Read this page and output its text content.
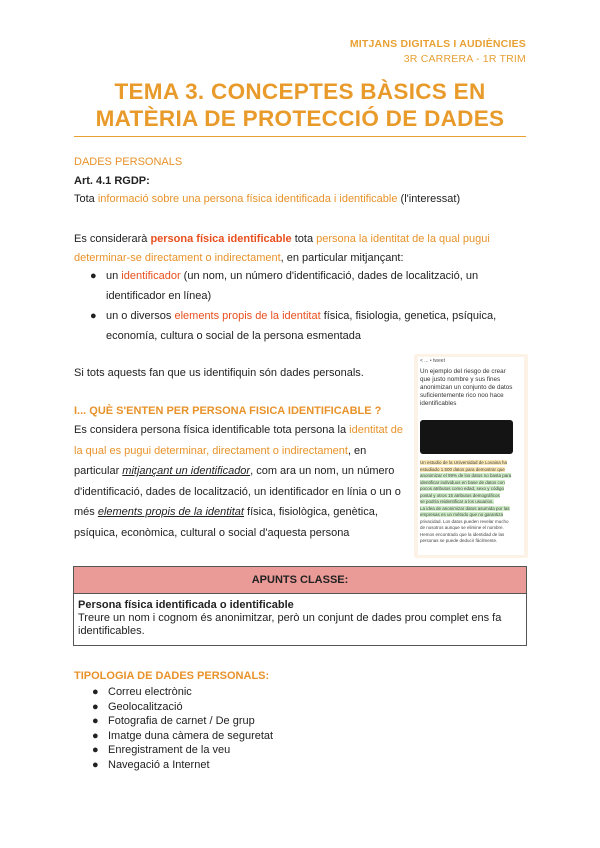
MITJANS DIGITALS I AUDIÈNCIES
3R CARRERA - 1R TRIM
TEMA 3. CONCEPTES BÀSICS EN
MATÈRIA DE PROTECCIÓ DE DADES
DADES PERSONALS
Art. 4.1 RGDP:
Tota informació sobre una persona física identificada i identificable (l'interessat)
Es considerarà persona física identificable tota persona la identitat de la qual pugui
determinar-se directament o indirectament, en particular mitjançant:
● un identificador (un nom, un número d'identificació, dades de localització, un
identificador en línea)
● un o diversos elements propis de la identitat física, fisiologia, genetica, psíquica,
economía, cultura o social de la persona esmentada
Si tots aquests fan que us identifiquin són dades personals.
I... QUÈ S'ENTEN PER PERSONA FISICA IDENTIFICABLE ?
Es considera persona física identificable tota persona la identitat de
la qual es pugui determinar, directament o indirectament, en
particular mitjançant un identificador, com ara un nom, un número
d'identificació, dades de localització, un identificador en línia o un o
més elements propis de la identitat física, fisiològica, genètica,
psíquica, econòmica, cultural o social d'aquesta persona
< ... • tweet
Un ejemplo del riesgo de crear que justo nombre y sus fines anonimizan un conjunto de datos suficientemente rico noo hace identificables
Un estudio de la Universidad de Lovaina ha
estudiado 1.500 datos para demostrar que
anonimizar el 99% de los datos no basta para
identificar individuos en base de datos con
pocos atributos como edad, sexo y código
postal y otros 15 atributos demográficos
se podría reidentificar a los usuarios.
La idea de anonimizar datos asumida por las
empresas es un método que no garantiza
privacidad. Los datos pueden revelar mucho
de nosotros aunque se elimine el nombre.
Hemos encontrado que la identidad de las
personas se puede deducir fácilmente.
APUNTS CLASSE:
Persona física identificada o identificable
Treure un nom i cognom és anonimitzar, però un conjunt de dades prou complet ens fa
identificables.
TIPOLOGIA DE DADES PERSONALS:
● Correu electrònic
● Geolocalització
● Fotografia de carnet / De grup
● Imatge duna càmera de seguretat
● Enregistrament de la veu
● Navegació a Internet
